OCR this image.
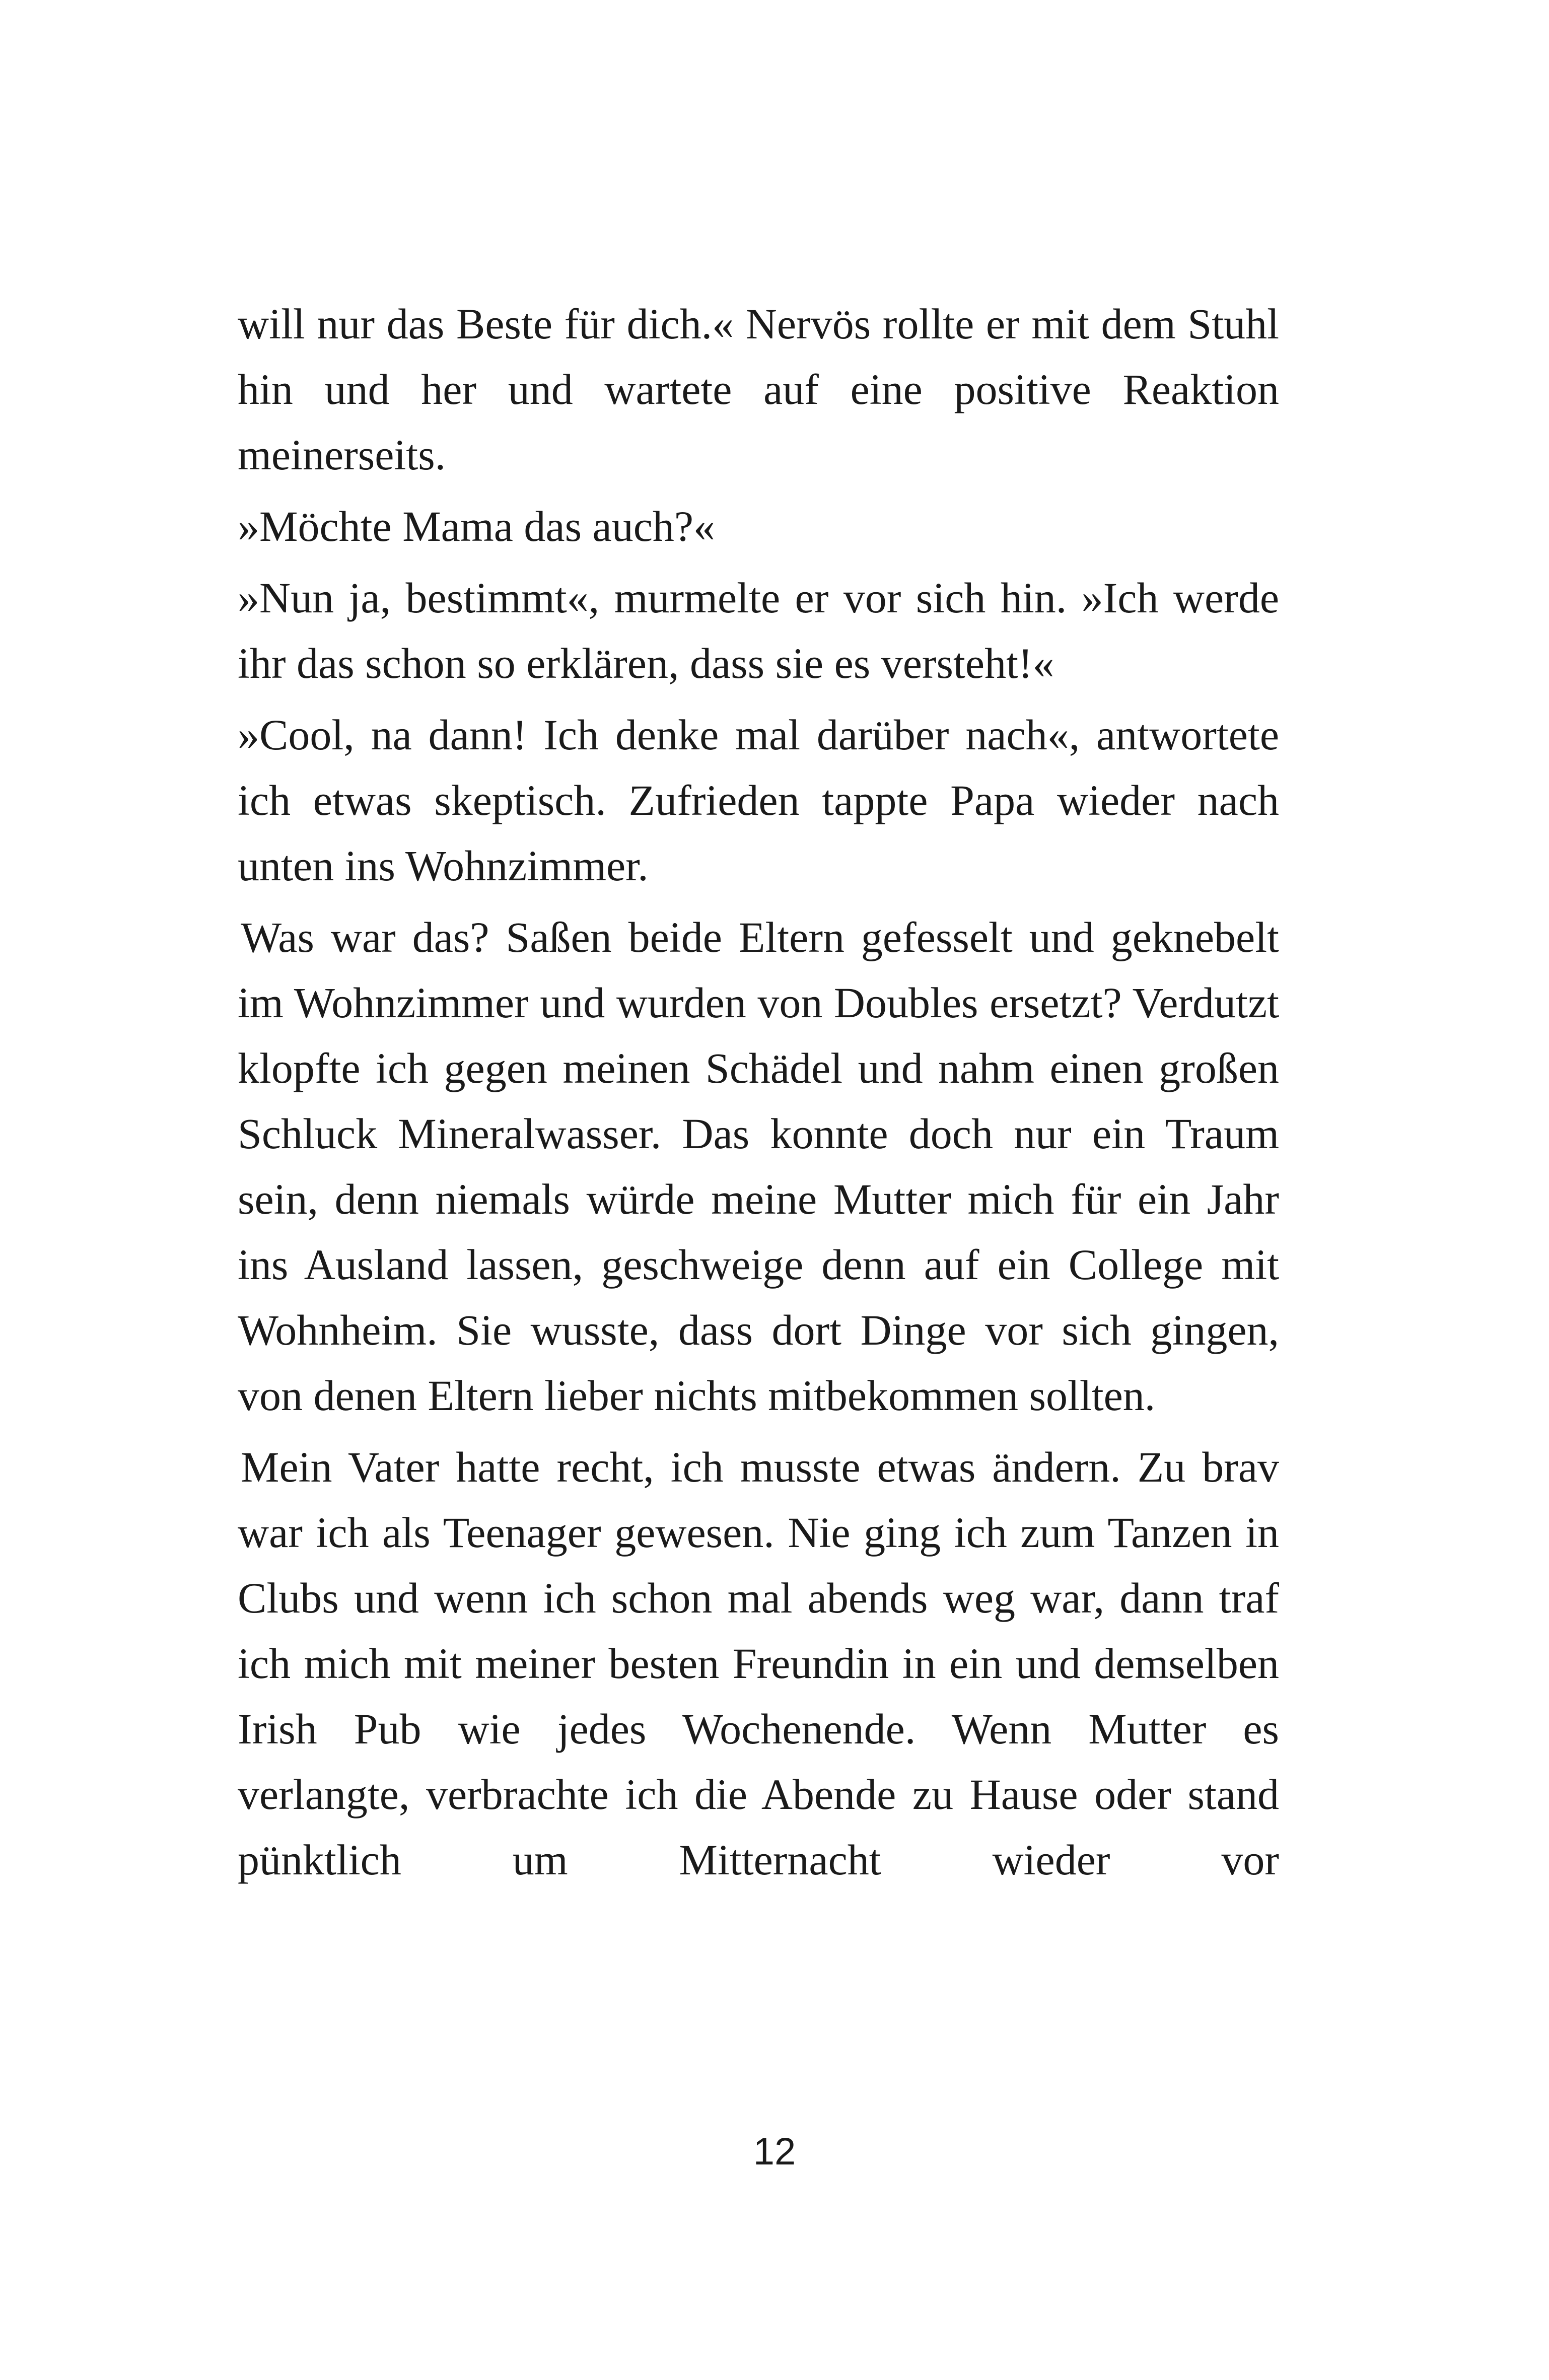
will nur das Beste für dich.« Nervös rollte er mit dem Stuhl hin und her und wartete auf eine positive Reaktion meinerseits.

»Möchte Mama das auch?«

»Nun ja, bestimmt«, murmelte er vor sich hin. »Ich werde ihr das schon so erklären, dass sie es versteht!«

»Cool, na dann! Ich denke mal darüber nach«, antwortete ich etwas skeptisch. Zufrieden tappte Papa wieder nach unten ins Wohnzimmer.

Was war das? Saßen beide Eltern gefesselt und geknebelt im Wohnzimmer und wurden von Doubles ersetzt? Verdutzt klopfte ich gegen meinen Schädel und nahm einen großen Schluck Mineralwasser. Das konnte doch nur ein Traum sein, denn niemals würde meine Mutter mich für ein Jahr ins Ausland lassen, geschweige denn auf ein College mit Wohnheim. Sie wusste, dass dort Dinge vor sich gingen, von denen Eltern lieber nichts mitbekommen sollten.

Mein Vater hatte recht, ich musste etwas ändern. Zu brav war ich als Teenager gewesen. Nie ging ich zum Tanzen in Clubs und wenn ich schon mal abends weg war, dann traf ich mich mit meiner besten Freundin in ein und demselben Irish Pub wie jedes Wochenende. Wenn Mutter es verlangte, verbrachte ich die Abende zu Hause oder stand pünktlich um Mitternacht wieder vor

12
